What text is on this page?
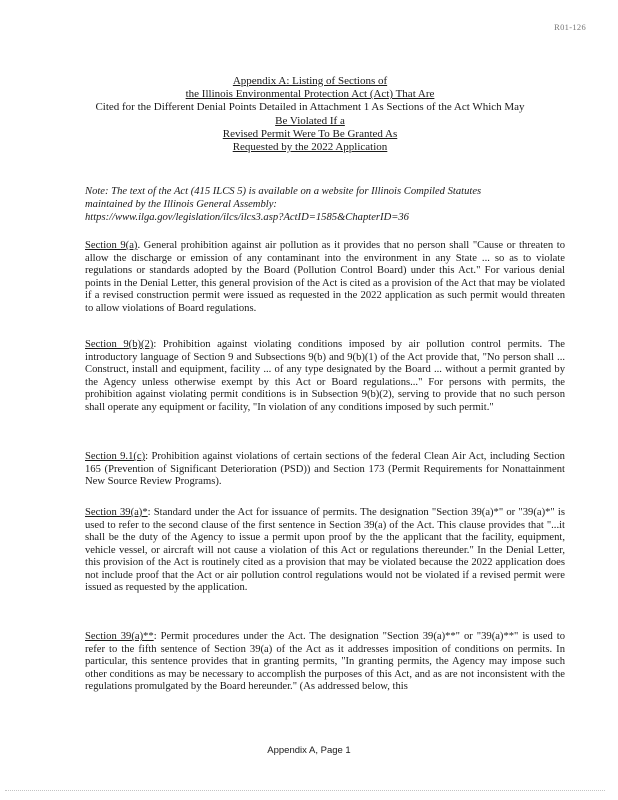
R01-126
Appendix A: Listing of Sections of
the Illinois Environmental Protection Act (Act) That Are
Cited for the Different Denial Points Detailed in Attachment 1 As Sections of the Act Which May
Be Violated If a
Revised Permit Were To Be Granted As
Requested by the 2022 Application
Note: The text of the Act (415 ILCS 5) is available on a website for Illinois Compiled Statutes
maintained by the Illinois General Assembly:
https://www.ilga.gov/legislation/ilcs/ilcs3.asp?ActID=1585&ChapterID=36

Section 9(a). General prohibition against air pollution as it provides that no person shall "Cause or threaten to allow the discharge or emission of any contaminant into the environment in any State ... so as to violate regulations or standards adopted by the Board (Pollution Control Board) under this Act." For various denial points in the Denial Letter, this general provision of the Act is cited as a provision of the Act that may be violated if a revised construction permit were issued as requested in the 2022 application as such permit would threaten to allow violations of Board regulations.

Section 9(b)(2): Prohibition against violating conditions imposed by air pollution control permits. The introductory language of Section 9 and Subsections 9(b) and 9(b)(1) of the Act provide that, "No person shall ... Construct, install and equipment, facility ... of any type designated by the Board ... without a permit granted by the Agency unless otherwise exempt by this Act or Board regulations..." For persons with permits, the prohibition against violating permit conditions is in Subsection 9(b)(2), serving to provide that no such person shall operate any equipment or facility, "In violation of any conditions imposed by such permit."

Section 9.1(c): Prohibition against violations of certain sections of the federal Clean Air Act, including Section 165 (Prevention of Significant Deterioration (PSD)) and Section 173 (Permit Requirements for Nonattainment New Source Review Programs).

Section 39(a)*: Standard under the Act for issuance of permits. The designation "Section 39(a)*" or "39(a)*" is used to refer to the second clause of the first sentence in Section 39(a) of the Act. This clause provides that "...it shall be the duty of the Agency to issue a permit upon proof by the the applicant that the facility, equipment, vehicle vessel, or aircraft will not cause a violation of this Act or regulations thereunder." In the Denial Letter, this provision of the Act is routinely cited as a provision that may be violated because the 2022 application does not include proof that the Act or air pollution control regulations would not be violated if a revised permit were issued as requested by the application.

Section 39(a)**: Permit procedures under the Act. The designation "Section 39(a)**" or "39(a)**" is used to refer to the fifth sentence of Section 39(a) of the Act as it addresses imposition of conditions on permits. In particular, this sentence provides that in granting permits, "In granting permits, the Agency may impose such other conditions as may be necessary to accomplish the purposes of this Act, and as are not inconsistent with the regulations promulgated by the Board hereunder." (As addressed below, this

Appendix A, Page 1
